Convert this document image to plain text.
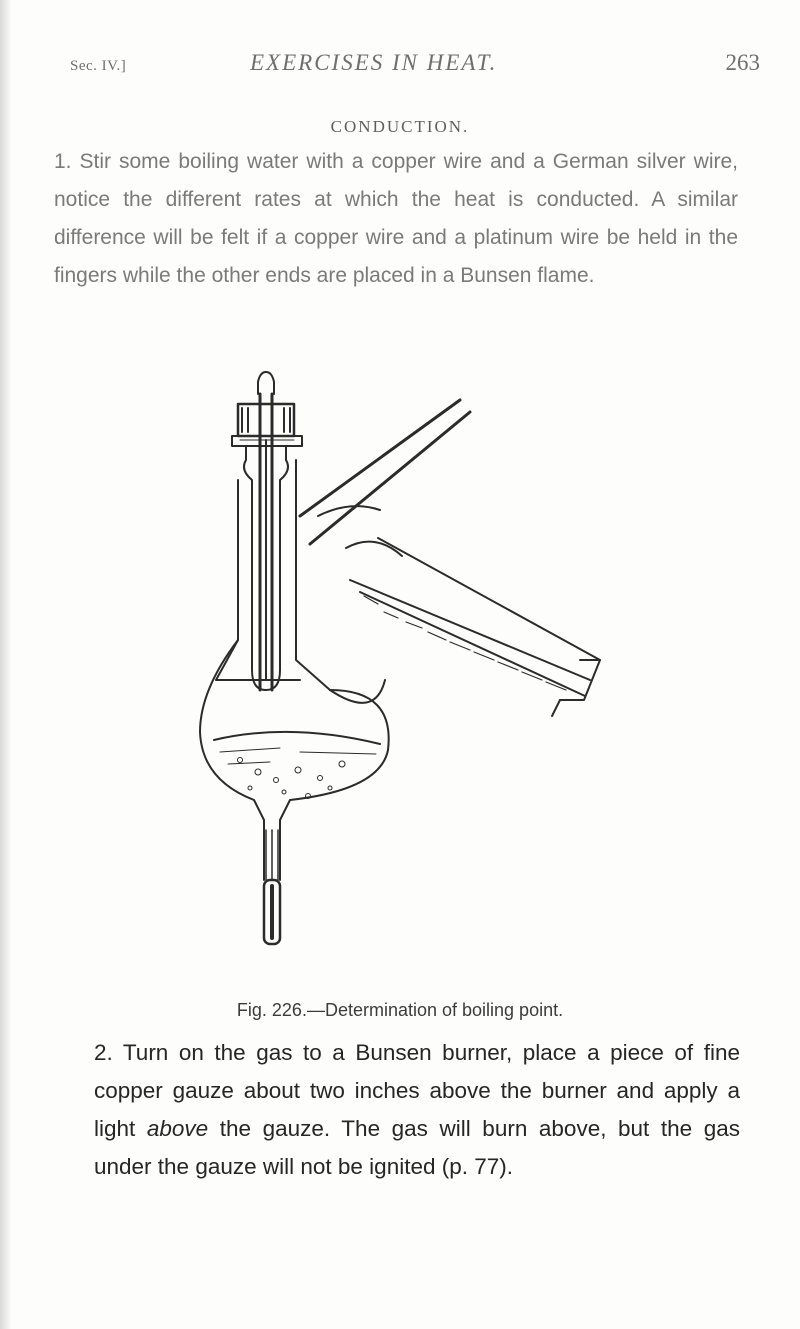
Sec. IV.]	EXERCISES IN HEAT.	263
CONDUCTION.

1. Stir some boiling water with a copper wire and a German silver wire, notice the different rates at which the heat is conducted. A similar difference will be felt if a copper wire and a platinum wire be held in the fingers while the other ends are placed in a Bunsen flame.

Fig. 226.—Determination of boiling point.

2. Turn on the gas to a Bunsen burner, place a piece of fine copper gauze about two inches above the burner and apply a light above the gauze. The gas will burn above, but the gas under the gauze will not be ignited (p. 77).
